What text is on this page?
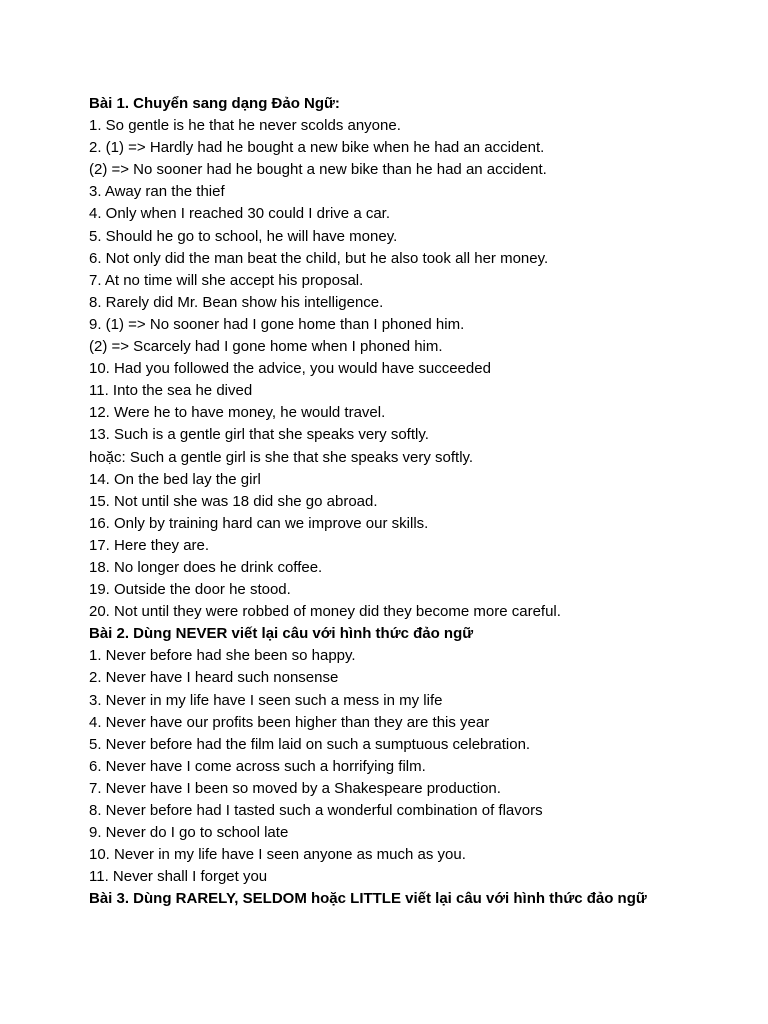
Bài 1. Chuyển sang dạng Đảo Ngữ:
1. So gentle is he that he never scolds anyone.
2. (1) => Hardly had he bought a new bike when he had an accident.
(2) => No sooner had he bought a new bike than he had an accident.
3. Away ran the thief
4. Only when I reached 30 could I drive a car.
5. Should he go to school, he will have money.
6. Not only did the man beat the child, but he also took all her money.
7. At no time will she accept his proposal.
8. Rarely did Mr. Bean show his intelligence.
9. (1) => No sooner had I gone home than I phoned him.
(2) => Scarcely had I gone home when I phoned him.
10. Had you followed the advice, you would have succeeded
11. Into the sea he dived
12. Were he to have money, he would travel.
13. Such is a gentle girl that she speaks very softly.
hoặc: Such a gentle girl is she that she speaks very softly.
14. On the bed lay the girl
15. Not until she was 18 did she go abroad.
16. Only by training hard can we improve our skills.
17. Here they are.
18. No longer does he drink coffee.
19. Outside the door he stood.
20. Not until they were robbed of money did they become more careful.
Bài 2. Dùng NEVER viết lại câu với hình thức đảo ngữ
1. Never before had she been so happy.
2. Never have I heard such nonsense
3. Never in my life have I seen such a mess in my life
4. Never have our profits been higher than they are this year
5. Never before had the film laid on such a sumptuous celebration.
6. Never have I come across such a horrifying film.
7. Never have I been so moved by a Shakespeare production.
8. Never before had I tasted such a wonderful combination of flavors
9. Never do I go to school late
10. Never in my life have I seen anyone as much as you.
11. Never shall I forget you
Bài 3. Dùng RARELY, SELDOM hoặc LITTLE viết lại câu với hình thức đảo ngữ
